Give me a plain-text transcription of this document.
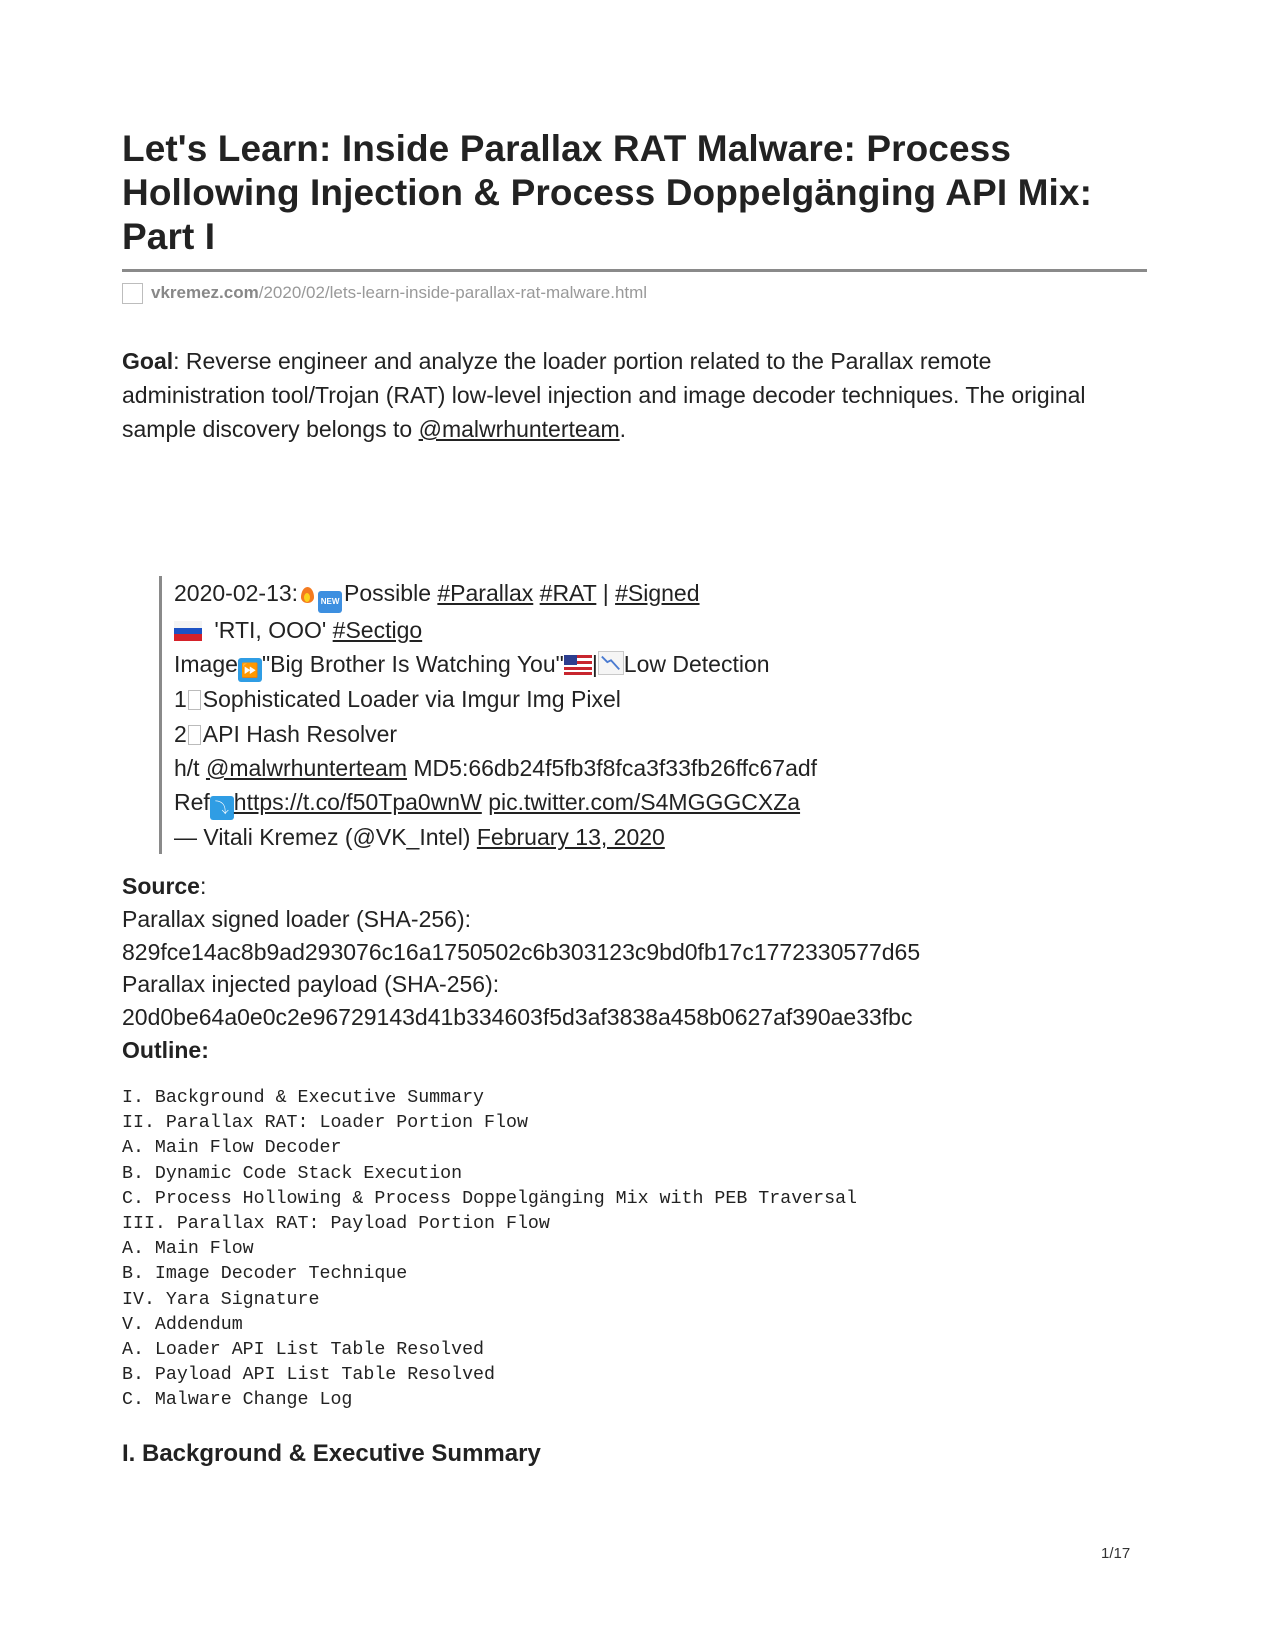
Let's Learn: Inside Parallax RAT Malware: Process Hollowing Injection & Process Doppelgänging API Mix: Part I
vkremez.com /2020/02/lets-learn-inside-parallax-rat-malware.html

Goal: Reverse engineer and analyze the loader portion related to the Parallax remote administration tool/Trojan (RAT) low-level injection and image decoder techniques. The original sample discovery belongs to @malwrhunterteam.

2020-02-13:	NEW Possible #Parallax #RAT | #Signed
'RTI, OOO' #Sectigo
Image ⏩ "Big Brother Is Watching You" | Low Detection
1 Sophisticated Loader via Imgur Img Pixel
2 API Hash Resolver
h/t @malwrhunterteam MD5:66db24f5fb3f8fca3f33fb26ffc67adf
Ref ⤵ https://t.co/f50Tpa0wnW pic.twitter.com/S4MGGGCXZa
— Vitali Kremez (@VK_Intel) February 13, 2020
Source:
Parallax signed loader (SHA-256):
829fce14ac8b9ad293076c16a1750502c6b303123c9bd0fb17c1772330577d65
Parallax injected payload (SHA-256):
20d0be64a0e0c2e96729143d41b334603f5d3af3838a458b0627af390ae33fbc
Outline:
I. Background & Executive Summary
II. Parallax RAT: Loader Portion Flow
A. Main Flow Decoder
B. Dynamic Code Stack Execution
C. Process Hollowing & Process Doppelgänging Mix with PEB Traversal
III. Parallax RAT: Payload Portion Flow
A. Main Flow
B. Image Decoder Technique
IV. Yara Signature
V. Addendum
A. Loader API List Table Resolved
B. Payload API List Table Resolved
C. Malware Change Log
I. Background & Executive Summary
1/17
